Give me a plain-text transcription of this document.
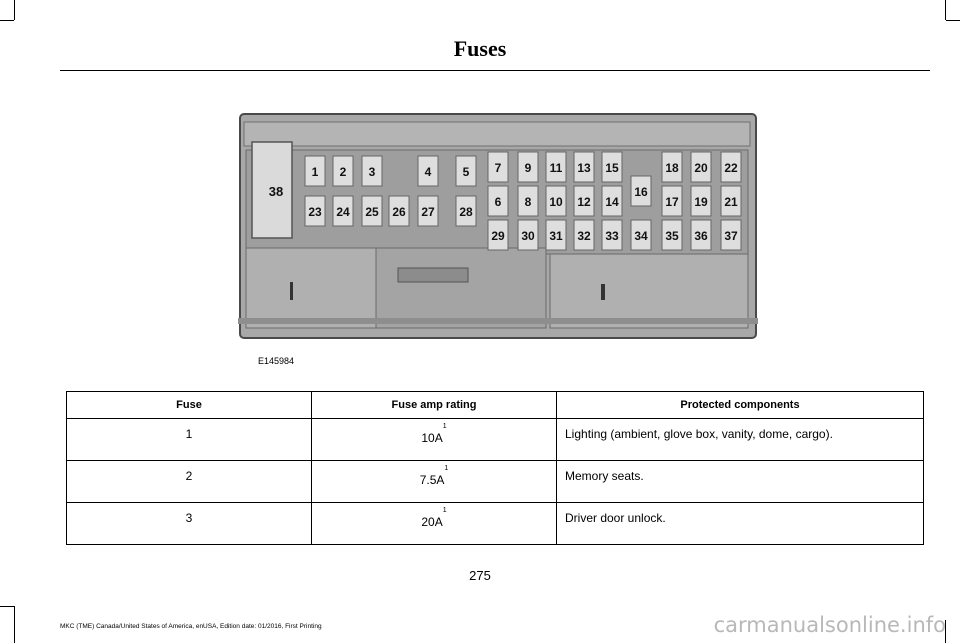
Fuses
1 2 3	4	5
6
7
8
9
10
11
12
13
14
15
16
17
18
19
20
21
22
23 24 25 26 27 28
29 30 31 32 33 34 35 36 37
38
E145984
Fuse	Fuse amp rating	Protected components
1	10A$^1$	Lighting (ambient, glove box, vanity, dome, cargo).
2	7.5A$^1$	Memory seats.
3	20A$^1$	Driver door unlock.
275
MKC (TME) Canada/United States of America, enUSA, Edition date: 01/2016, First Printing	carmanualsonline.info
